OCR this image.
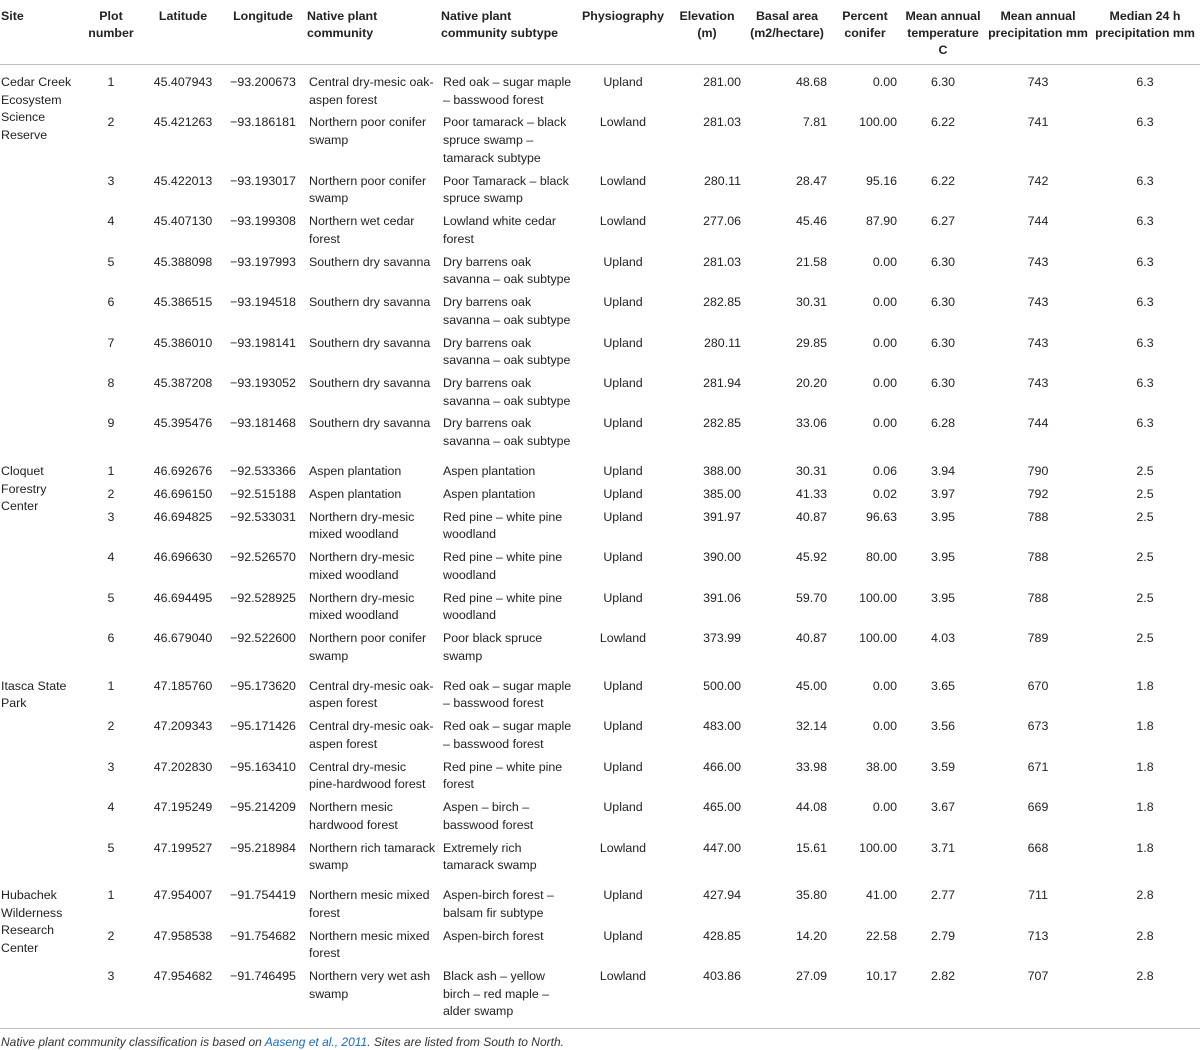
Site	Plot number	Latitude	Longitude	Native plant community	Native plant community subtype	Physiography	Elevation (m)	Basal area (m2/hectare)	Percent conifer	Mean annual temperature C	Mean annual precipitation mm	Median 24 h precipitation mm
Cedar Creek Ecosystem Science Reserve	1	45.407943	−93.200673	Central dry-mesic oak-aspen forest	Red oak – sugar maple – basswood forest	Upland	281.00	48.68	0.00	6.30	743	6.3
	2	45.421263	−93.186181	Northern poor conifer swamp	Poor tamarack – black spruce swamp – tamarack subtype	Lowland	281.03	7.81	100.00	6.22	741	6.3
	3	45.422013	−93.193017	Northern poor conifer swamp	Poor Tamarack – black spruce swamp	Lowland	280.11	28.47	95.16	6.22	742	6.3
	4	45.407130	−93.199308	Northern wet cedar forest	Lowland white cedar forest	Lowland	277.06	45.46	87.90	6.27	744	6.3
	5	45.388098	−93.197993	Southern dry savanna	Dry barrens oak savanna – oak subtype	Upland	281.03	21.58	0.00	6.30	743	6.3
	6	45.386515	−93.194518	Southern dry savanna	Dry barrens oak savanna – oak subtype	Upland	282.85	30.31	0.00	6.30	743	6.3
	7	45.386010	−93.198141	Southern dry savanna	Dry barrens oak savanna – oak subtype	Upland	280.11	29.85	0.00	6.30	743	6.3
	8	45.387208	−93.193052	Southern dry savanna	Dry barrens oak savanna – oak subtype	Upland	281.94	20.20	0.00	6.30	743	6.3
	9	45.395476	−93.181468	Southern dry savanna	Dry barrens oak savanna – oak subtype	Upland	282.85	33.06	0.00	6.28	744	6.3
Cloquet Forestry Center	1	46.692676	−92.533366	Aspen plantation	Aspen plantation	Upland	388.00	30.31	0.06	3.94	790	2.5
	2	46.696150	−92.515188	Aspen plantation	Aspen plantation	Upland	385.00	41.33	0.02	3.97	792	2.5
	3	46.694825	−92.533031	Northern dry-mesic mixed woodland	Red pine – white pine woodland	Upland	391.97	40.87	96.63	3.95	788	2.5
	4	46.696630	−92.526570	Northern dry-mesic mixed woodland	Red pine – white pine woodland	Upland	390.00	45.92	80.00	3.95	788	2.5
	5	46.694495	−92.528925	Northern dry-mesic mixed woodland	Red pine – white pine woodland	Upland	391.06	59.70	100.00	3.95	788	2.5
	6	46.679040	−92.522600	Northern poor conifer swamp	Poor black spruce swamp	Lowland	373.99	40.87	100.00	4.03	789	2.5
Itasca State Park	1	47.185760	−95.173620	Central dry-mesic oak-aspen forest	Red oak – sugar maple – basswood forest	Upland	500.00	45.00	0.00	3.65	670	1.8
	2	47.209343	−95.171426	Central dry-mesic oak-aspen forest	Red oak – sugar maple – basswood forest	Upland	483.00	32.14	0.00	3.56	673	1.8
	3	47.202830	−95.163410	Central dry-mesic pine-hardwood forest	Red pine – white pine forest	Upland	466.00	33.98	38.00	3.59	671	1.8
	4	47.195249	−95.214209	Northern mesic hardwood forest	Aspen – birch – basswood forest	Upland	465.00	44.08	0.00	3.67	669	1.8
	5	47.199527	−95.218984	Northern rich tamarack swamp	Extremely rich tamarack swamp	Lowland	447.00	15.61	100.00	3.71	668	1.8
Hubachek Wilderness Research Center	1	47.954007	−91.754419	Northern mesic mixed forest	Aspen-birch forest – balsam fir subtype	Upland	427.94	35.80	41.00	2.77	711	2.8
	2	47.958538	−91.754682	Northern mesic mixed forest	Aspen-birch forest	Upland	428.85	14.20	22.58	2.79	713	2.8
	3	47.954682	−91.746495	Northern very wet ash swamp	Black ash – yellow birch – red maple – alder swamp	Lowland	403.86	27.09	10.17	2.82	707	2.8
Native plant community classification is based on Aaseng et al., 2011. Sites are listed from South to North.
